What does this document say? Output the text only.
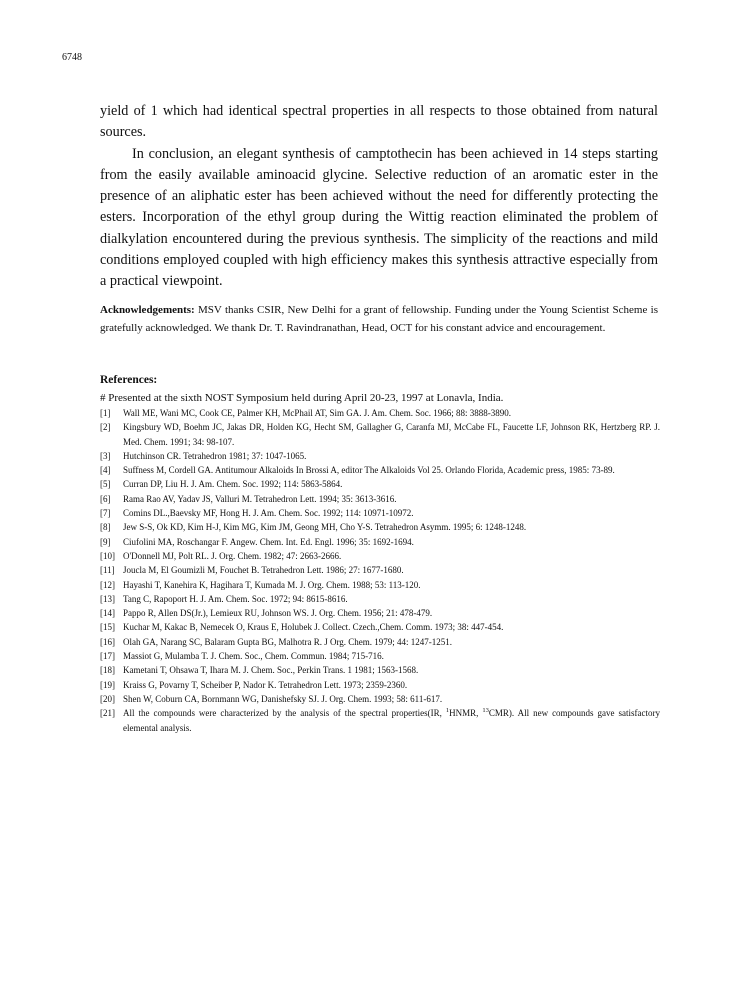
6748

yield of 1 which had identical spectral properties in all respects to those obtained from natural sources.

In conclusion, an elegant synthesis of camptothecin has been achieved in 14 steps starting from the easily available aminoacid glycine. Selective reduction of an aromatic ester in the presence of an aliphatic ester has been achieved without the need for differently protecting the esters. Incorporation of the ethyl group during the Wittig reaction eliminated the problem of dialkylation encountered during the previous synthesis. The simplicity of the reactions and mild conditions employed coupled with high efficiency makes this synthesis attractive especially from a practical viewpoint.

Acknowledgements: MSV thanks CSIR, New Delhi for a grant of fellowship. Funding under the Young Scientist Scheme is gratefully acknowledged. We thank Dr. T. Ravindranathan, Head, OCT for his constant advice and encouragement.
References:
# Presented at the sixth NOST Symposium held during April 20-23, 1997 at Lonavla, India.
[1]	Wall ME, Wani MC, Cook CE, Palmer KH, McPhail AT, Sim GA. J. Am. Chem. Soc. 1966; 88: 3888-3890.
[2]	Kingsbury WD, Boehm JC, Jakas DR, Holden KG, Hecht SM, Gallagher G, Caranfa MJ, McCabe FL, Faucette LF, Johnson RK, Hertzberg RP. J. Med. Chem. 1991; 34: 98-107.
[3]	Hutchinson CR. Tetrahedron 1981; 37: 1047-1065.
[4]	Suffness M, Cordell GA. Antitumour Alkaloids In Brossi A, editor The Alkaloids Vol 25. Orlando Florida, Academic press, 1985: 73-89.
[5]	Curran DP, Liu H. J. Am. Chem. Soc. 1992; 114: 5863-5864.
[6]	Rama Rao AV, Yadav JS, Valluri M. Tetrahedron Lett. 1994; 35: 3613-3616.
[7]	Comins DL.,Baevsky MF, Hong H. J. Am. Chem. Soc. 1992; 114: 10971-10972.
[8]	Jew S-S, Ok KD, Kim H-J, Kim MG, Kim JM, Geong MH, Cho Y-S. Tetrahedron Asymm. 1995; 6: 1248-1248.
[9]	Ciufolini MA, Roschangar F. Angew. Chem. Int. Ed. Engl. 1996; 35: 1692-1694.
[10] O'Donnell MJ, Polt RL. J. Org. Chem. 1982; 47: 2663-2666.
[11] Joucla M, El Goumizli M, Fouchet B. Tetrahedron Lett. 1986; 27: 1677-1680.
[12] Hayashi T, Kanehira K, Hagihara T, Kumada M. J. Org. Chem. 1988; 53: 113-120.
[13] Tang C, Rapoport H. J. Am. Chem. Soc. 1972; 94: 8615-8616.
[14] Pappo R, Allen DS(Jr.), Lemieux RU, Johnson WS. J. Org. Chem. 1956; 21: 478-479.
[15] Kuchar M, Kakac B, Nemecek O, Kraus E, Holubek J. Collect. Czech.,Chem. Comm. 1973; 38: 447-454.
[16] Olah GA, Narang SC, Balaram Gupta BG, Malhotra R. J Org. Chem. 1979; 44: 1247-1251.
[17] Massiot G, Mulamba T. J. Chem. Soc., Chem. Commun. 1984; 715-716.
[18] Kametani T, Ohsawa T, Ihara M. J. Chem. Soc., Perkin Trans. 1 1981; 1563-1568.
[19] Kraiss G, Povarny T, Scheiber P, Nador K. Tetrahedron Lett. 1973; 2359-2360.
[20] Shen W, Coburn CA, Bornmann WG, Danishefsky SJ. J. Org. Chem. 1993; 58: 611-617.
[21] All the compounds were characterized by the analysis of the spectral properties(IR, $^1$HNMR, $^{13}$CMR). All new compounds gave satisfactory elemental analysis.
